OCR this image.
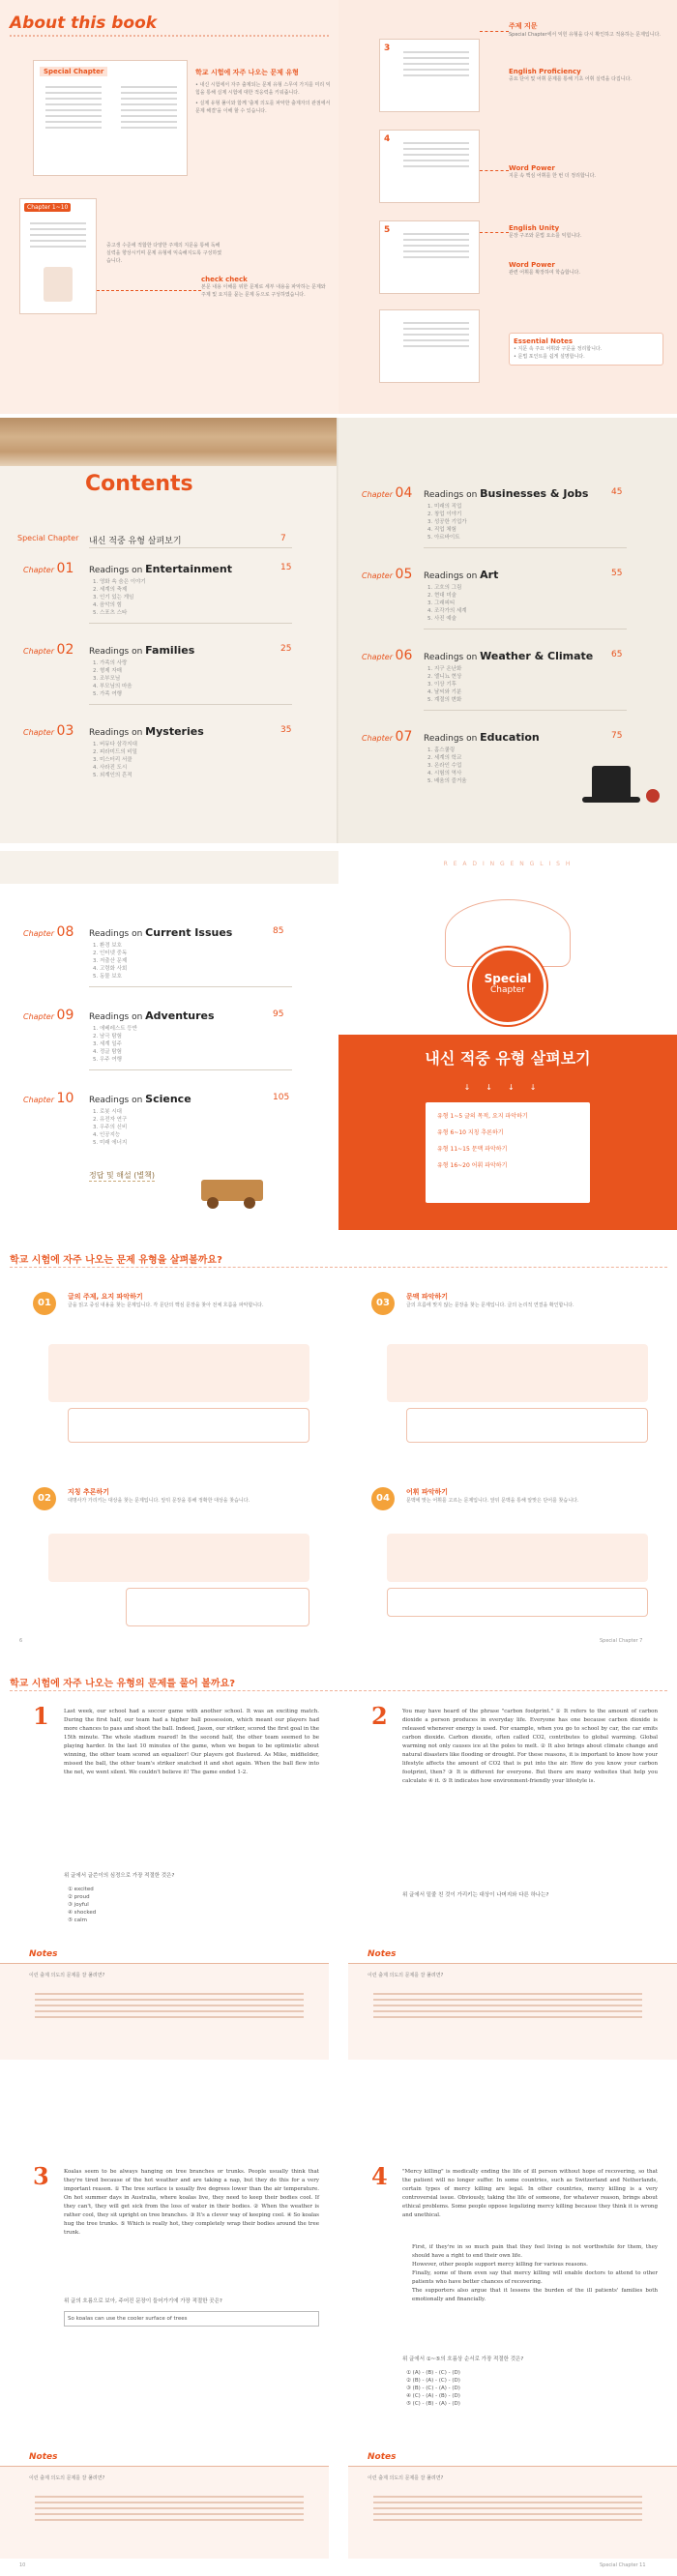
About this book
Special Chapter	학교 시험에 자주 나오는 문제 유형
• 내신 시험에서 자주 출제되는 문제 유형 스무여 가지를 미리 익힘을 통해 실제 시험에 대한 적응력을 키워줍니다.
• 실제 유형 풀이와 함께 '출제 의도를 파악한 출제자의 관점에서 문제 해결'을 이해 할 수 있습니다.
Chapter 1~10
중고생 수준에 적합한 다양한 주제의 지문을 통해 독해 실력을 향상시키며 문제 유형에 익숙해지도록 구성하였습니다.
check check
본문 내용 이해를 위한 문제로 세부 내용을 파악하는 문제와 주제 및 요지를 묻는 문제 등으로 구성하였습니다.
3
4
5
주제 지문
Special Chapter에서 익힌 유형을 다시 확인하고 적용하는 문제입니다.
English Proficiency
중요 단어 및 어휘 문제를 통해 기초 어휘 실력을 다집니다.
Word Power
지문 속 핵심 어휘를 한 번 더 정리합니다.
English Unity
문장 구조와 문법 요소를 익힙니다.
Word Power
관련 어휘를 확장하여 학습합니다.
Essential Notes
• 지문 속 주요 어휘와 구문을 정리합니다.
• 문법 포인트를 쉽게 설명합니다.
Contents
Special Chapter 내신 적중 유형 살펴보기	7
Chapter 01 Readings on Entertainment	15
1. 영화 속 숨은 이야기
2. 세계의 축제
3. 인기 있는 게임
4. 음악의 힘
5. 스포츠 스타
Chapter 02 Readings on Families	25
1. 가족의 사랑
2. 형제 자매
3. 조부모님
4. 부모님의 마음
5. 가족 여행
Chapter 03 Readings on Mysteries	35
1. 버뮤다 삼각지대
2. 피라미드의 비밀
3. 미스터리 서클
4. 사라진 도시
5. 외계인의 흔적
Chapter 04 Readings on Businesses & Jobs	45
1. 미래의 직업
2. 창업 이야기
3. 성공한 기업가
4. 직업 체험
5. 아르바이트
Chapter 05 Readings on Art	55
1. 고흐의 그림
2. 현대 미술
3. 그래피티
4. 조각가의 세계
5. 사진 예술
Chapter 06 Readings on Weather & Climate 65
1. 지구 온난화
2. 엘니뇨 현상
3. 이상 기후
4. 날씨와 기분
5. 계절의 변화
Chapter 07 Readings on Education	75
1. 홈스쿨링
2. 세계의 학교
3. 온라인 수업
4. 시험의 역사
5. 배움의 즐거움
Chapter 08 Readings on Current Issues	85
1. 환경 보호
2. 인터넷 중독
3. 저출산 문제
4. 고령화 사회
5. 동물 보호
Chapter 09 Readings on Adventures	95
1. 에베레스트 등반
2. 남극 탐험
3. 세계 일주
4. 정글 탐험
5. 우주 여행
Chapter 10 Readings on Science	105
1. 로봇 시대
2. 유전자 연구
3. 우주의 신비
4. 인공지능
5. 미래 에너지
정답 및 해설 (별책)
R E A D I N G E N G L I S H
Special
Chapter
내신 적중 유형 살펴보기
↓↓↓↓
유형 1~5 글의 목적, 요지 파악하기
유형 6~10 지칭 추론하기
유형 11~15 문맥 파악하기
유형 16~20 어휘 파악하기
학교 시험에 자주 나오는 문제 유형을 살펴볼까요?
01
글의 주제, 요지 파악하기
글을 읽고 중심 내용을 찾는 문제입니다. 각 문단의 핵심 문장을 찾아 전체 흐름을 파악합니다.
02
지칭 추론하기
대명사가 가리키는 대상을 찾는 문제입니다. 앞뒤 문장을 통해 정확한 대상을 찾습니다.
03
문맥 파악하기
글의 흐름에 맞지 않는 문장을 찾는 문제입니다. 글의 논리적 연결을 확인합니다.
04
어휘 파악하기
문맥에 맞는 어휘를 고르는 문제입니다. 앞뒤 문맥을 통해 알맞은 단어를 찾습니다.
6	Special Chapter 7
학교 시험에 자주 나오는 유형의 문제를 풀어 볼까요?
1	Last week, our school had a soccer game with another school. It was an exciting match. During the first half, our team had a higher ball possession, which meant our players had more chances to pass and shoot the ball. Indeed, Jason, our striker, scored the first goal in the 15th minute. The whole stadium roared! In the second half, the other team seemed to be playing harder. In the last 10 minutes of the game, when we began to be optimistic about winning, the other team scored an equalizer! Our players got flustered. As Mike, midfielder, missed the ball, the other team's striker snatched it and shot again. When the ball flew into the net, we went silent. We couldn't believe it! The game ended 1-2.
위 글에서 글쓴이의 심정으로 가장 적절한 것은?
① excited
② proud
③ joyful
④ shocked
⑤ calm
Notes
이런 출제 의도의 문제를 잘 풀려면?
2	You may have heard of the phrase "carbon footprint." ① It refers to the amount of carbon dioxide a person produces in everyday life. Everyone has one because carbon dioxide is released whenever energy is used. For example, when you go to school by car, the car emits carbon dioxide. Carbon dioxide, often called CO2, contributes to global warming. Global warming not only causes ice at the poles to melt. ② It also brings about climate change and natural disasters like flooding or drought. For these reasons, it is important to know how your lifestyle affects the amount of CO2 that is put into the air. How do you know your carbon footprint, then? ③ It is different for everyone. But there are many websites that help you calculate ④ it. ⑤ It indicates how environment-friendly your lifestyle is.
위 글에서 밑줄 친 것이 가리키는 대상이 나머지와 다른 하나는?
Notes
이런 출제 의도의 문제를 잘 풀려면?
3	Koalas seem to be always hanging on tree branches or trunks. People usually think that they're tired because of the hot weather and are taking a nap, but they do this for a very important reason. ① The tree surface is usually five degrees lower than the air temperature. On hot summer days in Australia, where koalas live, they need to keep their bodies cool. If they can't, they will get sick from the loss of water in their bodies. ② When the weather is rather cool, they sit upright on tree branches. ③ It's a clever way of keeping cool. ④ So koalas hug the tree trunks. ⑤ Which is really hot, they completely wrap their bodies around the tree trunk.
위 글의 흐름으로 보아, 주어진 문장이 들어가기에 가장 적절한 곳은?
So koalas can use the cooler surface of trees
Notes
이런 출제 의도의 문제를 잘 풀려면?
4	"Mercy killing" is medically ending the life of ill person without hope of recovering, so that the patient will no longer suffer. In some countries, such as Switzerland and Netherlands, certain types of mercy killing are legal. In other countries, mercy killing is a very controversial issue. Obviously, taking the life of someone, for whatever reason, brings about ethical problems. Some people oppose legalizing mercy killing because they think it is wrong and unethical.
First, if they're in so much pain that they feel living is not worthwhile for them, they should have a right to end their own life.
However, other people support mercy killing for various reasons.
Finally, some of them even say that mercy killing will enable doctors to attend to other patients who have better chances of recovering.
The supporters also argue that it lessens the burden of the ill patients' families both emotionally and financially.
위 글에서 ①~⑤의 흐름상 순서로 가장 적절한 것은?
① (A) - (B) - (C) - (D)
② (B) - (A) - (C) - (D)
③ (B) - (C) - (A) - (D)
④ (C) - (A) - (B) - (D)
⑤ (C) - (B) - (A) - (D)
Notes
이런 출제 의도의 문제를 잘 풀려면?
10	Special Chapter 11
